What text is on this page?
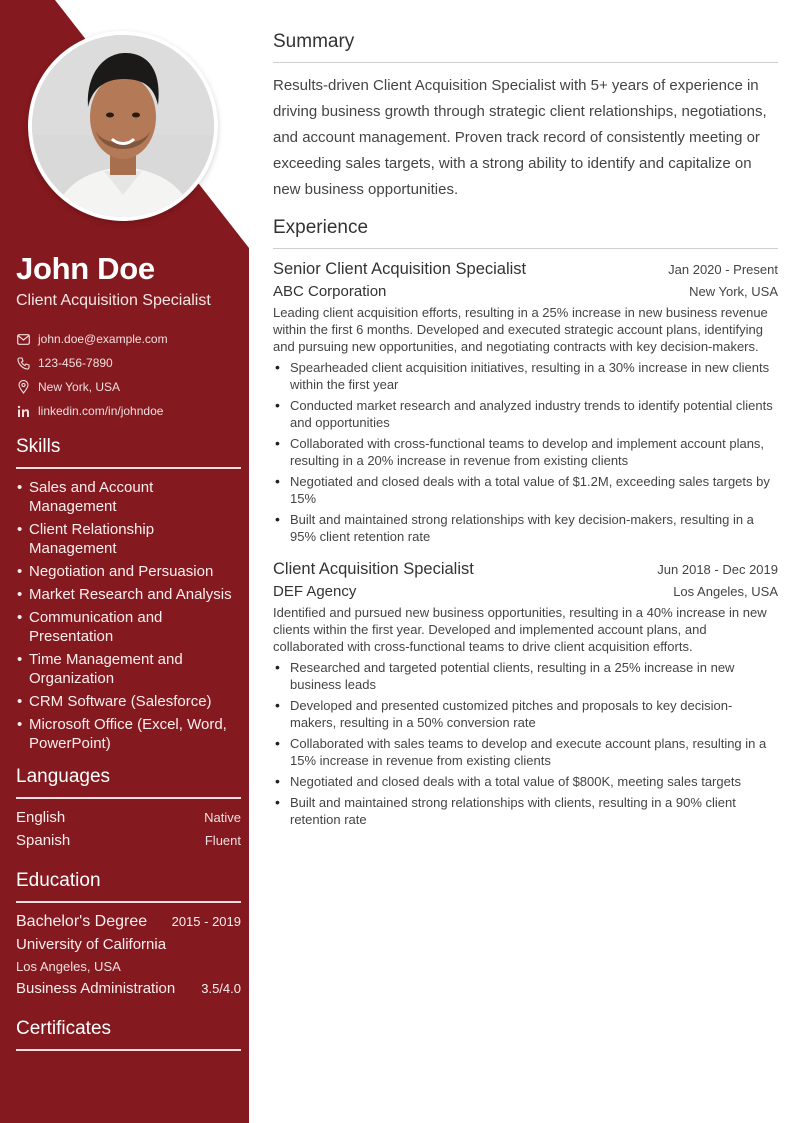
John Doe
Client Acquisition Specialist
john.doe@example.com
123-456-7890
New York, USA
linkedin.com/in/johndoe
Skills
• Sales and Account Management
• Client Relationship Management
• Negotiation and Persuasion
• Market Research and Analysis
• Communication and Presentation
• Time Management and Organization
• CRM Software (Salesforce)
• Microsoft Office (Excel, Word, PowerPoint)
Languages
English	Native
Spanish	Fluent
Education
Bachelor's Degree 2015 - 2019
University of California
Los Angeles, USA
Business Administration 3.5/4.0
Certificates
Summary

Results-driven Client Acquisition Specialist with 5+ years of experience in driving business growth through strategic client relationships, negotiations, and account management. Proven track record of consistently meeting or exceeding sales targets, with a strong ability to identify and capitalize on new business opportunities.

Experience
Senior Client Acquisition Specialist	Jan 2020 - Present
ABC Corporation	New York, USA

Leading client acquisition efforts, resulting in a 25% increase in new business revenue within the first 6 months. Developed and executed strategic account plans, identifying and pursuing new opportunities, and negotiating contracts with key decision-makers.

• Spearheaded client acquisition initiatives, resulting in a 30% increase in new clients within the first year
• Conducted market research and analyzed industry trends to identify potential clients and opportunities
• Collaborated with cross-functional teams to develop and implement account plans, resulting in a 20% increase in revenue from existing clients
• Negotiated and closed deals with a total value of $1.2M, exceeding sales targets by 15%
• Built and maintained strong relationships with key decision-makers, resulting in a 95% client retention rate
Client Acquisition Specialist	Jun 2018 - Dec 2019
DEF Agency	Los Angeles, USA

Identified and pursued new business opportunities, resulting in a 40% increase in new clients within the first year. Developed and implemented account plans, and collaborated with cross-functional teams to drive client acquisition efforts.

• Researched and targeted potential clients, resulting in a 25% increase in new business leads
• Developed and presented customized pitches and proposals to key decision-makers, resulting in a 50% conversion rate
• Collaborated with sales teams to develop and execute account plans, resulting in a 15% increase in revenue from existing clients
• Negotiated and closed deals with a total value of $800K, meeting sales targets
• Built and maintained strong relationships with clients, resulting in a 90% client retention rate
